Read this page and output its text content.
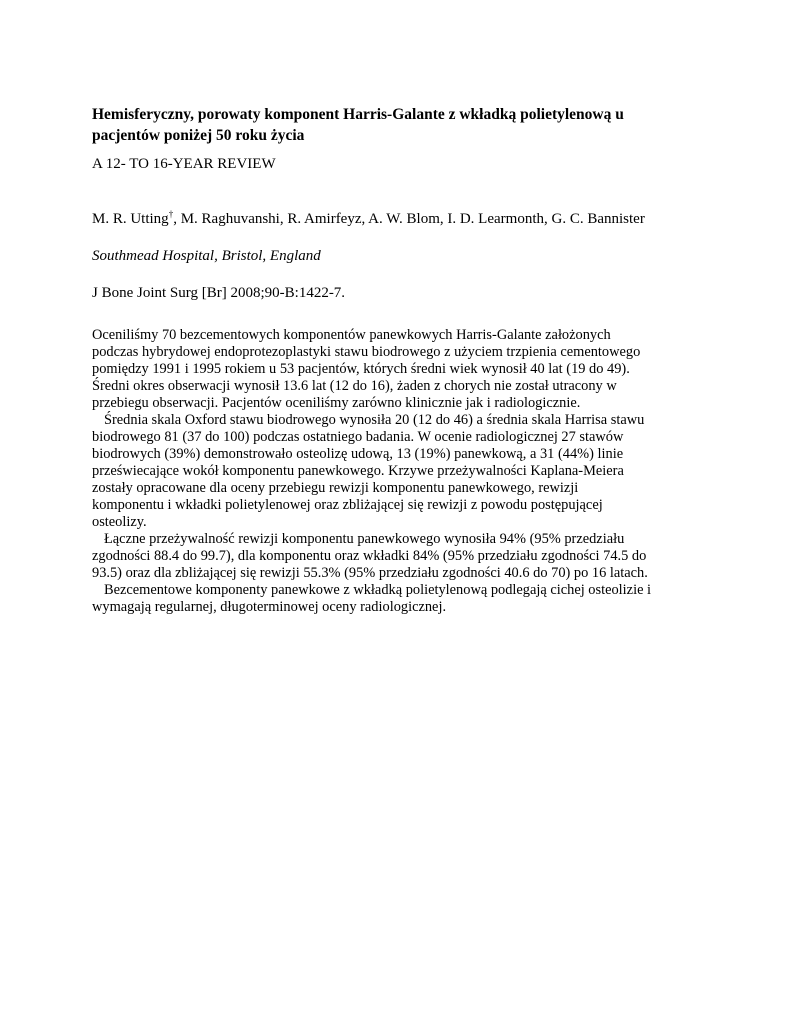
Hemisferyczny, porowaty komponent Harris-Galante z wkładką polietylenową u
pacjentów poniżej 50 roku życia
A 12- TO 16-YEAR REVIEW
M. R. Utting†, M. Raghuvanshi, R. Amirfeyz, A. W. Blom, I. D. Learmonth, G. C. Bannister
Southmead Hospital, Bristol, England
J Bone Joint Surg [Br] 2008;90-B:1422-7.

Oceniliśmy 70 bezcementowych komponentów panewkowych Harris-Galante założonych
podczas hybrydowej endoprotezoplastyki stawu biodrowego z użyciem trzpienia cementowego
pomiędzy 1991 i 1995 rokiem u 53 pacjentów, których średni wiek wynosił 40 lat (19 do 49).
Średni okres obserwacji wynosił 13.6 lat (12 do 16), żaden z chorych nie został utracony w
przebiegu obserwacji. Pacjentów oceniliśmy zarówno klinicznie jak i radiologicznie.

Średnia skala Oxford stawu biodrowego wynosiła 20 (12 do 46) a średnia skala Harrisa stawu
biodrowego 81 (37 do 100) podczas ostatniego badania. W ocenie radiologicznej 27 stawów
biodrowych (39%) demonstrowało osteolizę udową, 13 (19%) panewkową, a 31 (44%) linie
przeświecające wokół komponentu panewkowego. Krzywe przeżywalności Kaplana-Meiera
zostały opracowane dla oceny przebiegu rewizji komponentu panewkowego, rewizji
komponentu i wkładki polietylenowej oraz zbliżającej się rewizji z powodu postępującej
osteolizy.

Łączne przeżywalność rewizji komponentu panewkowego wynosiła 94% (95% przedziału
zgodności 88.4 do 99.7), dla komponentu oraz wkładki 84% (95% przedziału zgodności 74.5 do
93.5) oraz dla zbliżającej się rewizji 55.3% (95% przedziału zgodności 40.6 do 70) po 16 latach.

Bezcementowe komponenty panewkowe z wkładką polietylenową podlegają cichej osteolizie i
wymagają regularnej, długoterminowej oceny radiologicznej.
